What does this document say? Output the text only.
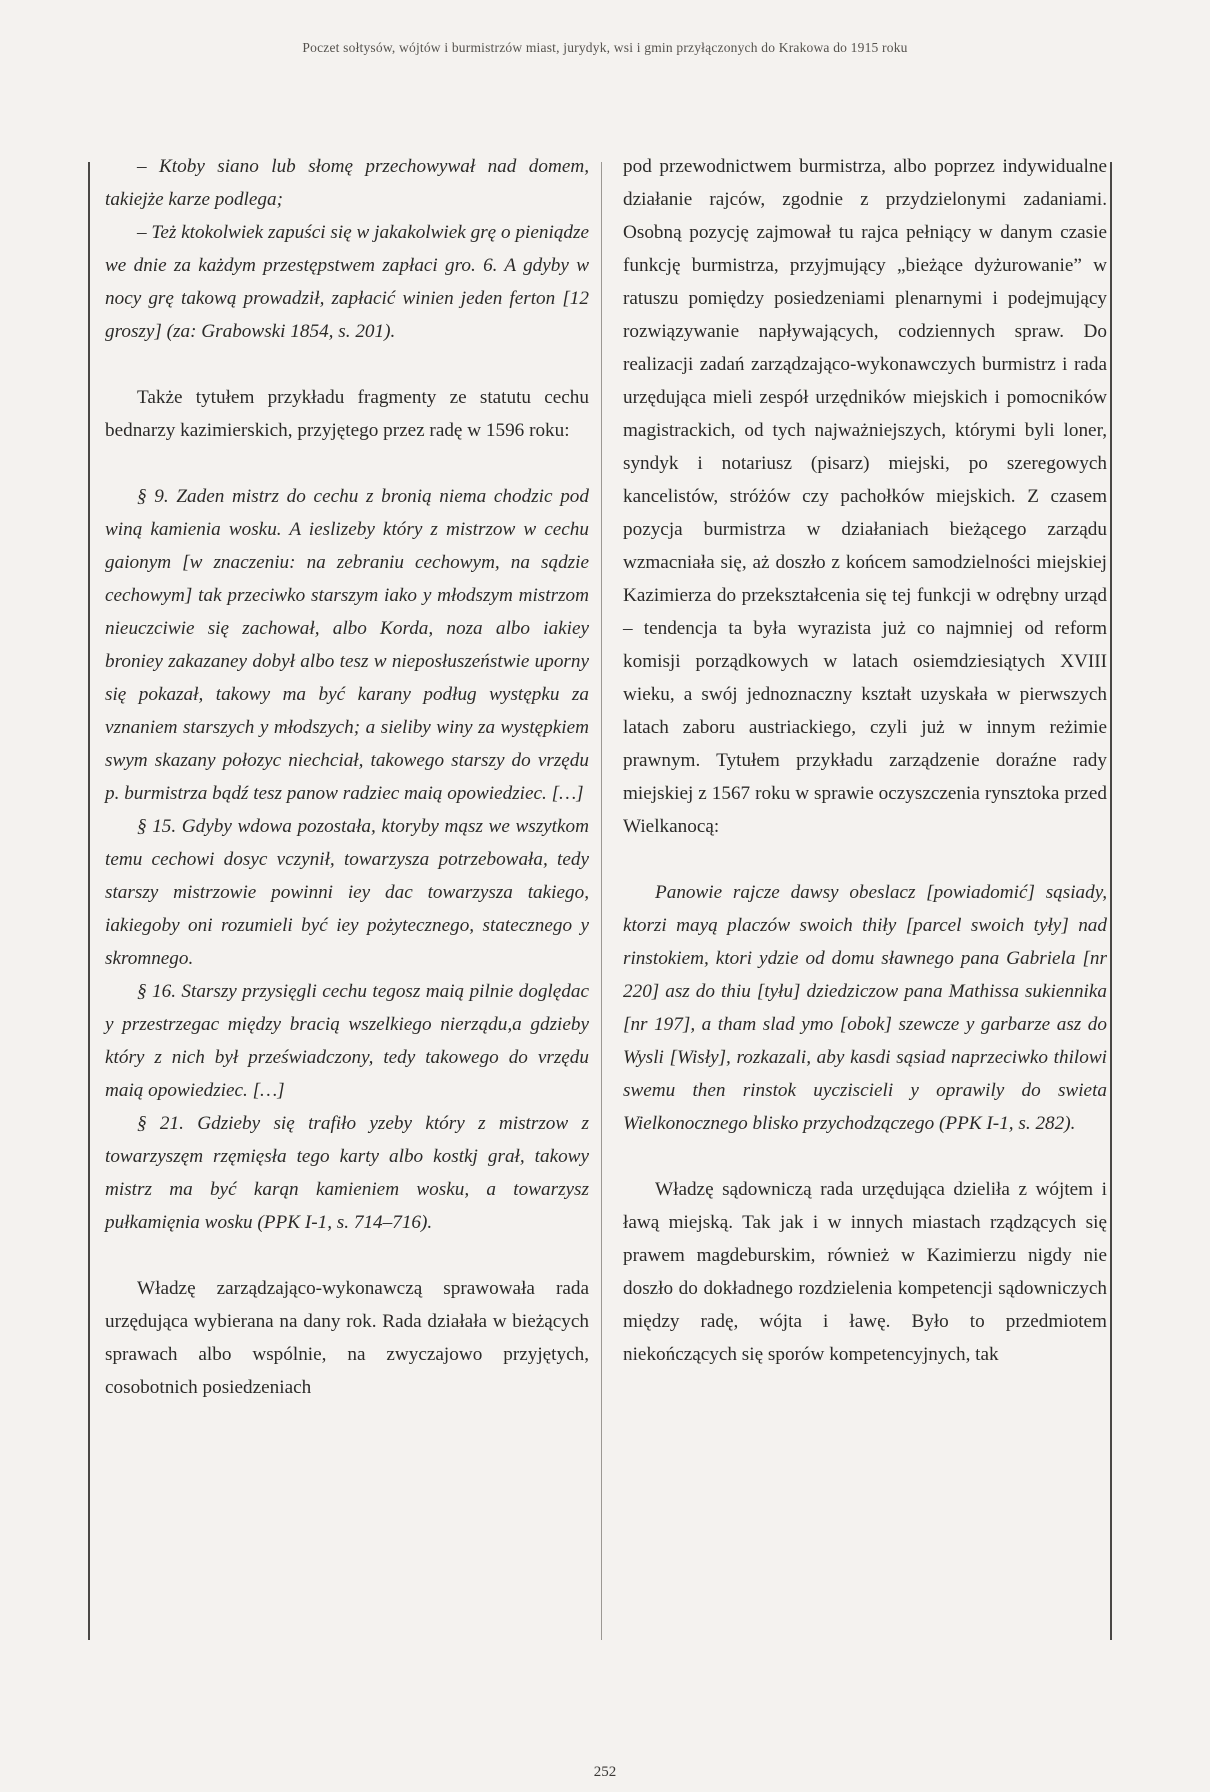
Poczet sołtysów, wójtów i burmistrzów miast, jurydyk, wsi i gmin przyłączonych do Krakowa do 1915 roku

– Ktoby siano lub słomę przechowywał nad domem, takiejże karze podlega;

– Też ktokolwiek zapuści się w jakakolwiek grę o pieniądze we dnie za każdym przestępstwem zapłaci gro. 6. A gdyby w nocy grę takową prowadził, zapłacić winien jeden ferton [12 groszy] (za: Grabowski 1854, s. 201).

Także tytułem przykładu fragmenty ze statutu cechu bednarzy kazimierskich, przyjętego przez radę w 1596 roku:

§ 9. Zaden mistrz do cechu z bronią niema chodzic pod winą kamienia wosku. A ieslizeby który z mistrzow w cechu gaionym [w znaczeniu: na zebraniu cechowym, na sądzie cechowym] tak przeciwko starszym iako y młodszym mistrzom nieuczciwie się zachował, albo Korda, noza albo iakiey broniey zakazaney dobył albo tesz w nieposłuszeństwie uporny się pokazał, takowy ma być karany podług występku za vznaniem starszych y młodszych; a sieliby winy za występkiem swym skazany połozyc niechciał, takowego starszy do vrzędu p. burmistrza bądź tesz panow radziec maią opowiedziec. […]

§ 15. Gdyby wdowa pozostała, ktoryby mąsz we wszytkom temu cechowi dosyc vczynił, towarzysza potrzebowała, tedy starszy mistrzowie powinni iey dac towarzysza takiego, iakiegoby oni rozumieli być iey pożytecznego, statecznego y skromnego.

§ 16. Starszy przysięgli cechu tegosz maią pilnie doględac y przestrzegac między bracią wszelkiego nierządu,a gdzieby który z nich był przeświadczony, tedy takowego do vrzędu maią opowiedziec. […]

§ 21. Gdzieby się trafiło yzeby który z mistrzow z towarzyszęm rzęmięsła tego karty albo kostkj grał, takowy mistrz ma być karąn kamieniem wosku, a towarzysz pułkamięnia wosku (PPK I-1, s. 714–716).

Władzę zarządzająco-wykonawczą sprawowała rada urzędująca wybierana na dany rok. Rada działała w bieżących sprawach albo wspólnie, na zwyczajowo przyjętych, cosobotnich posiedzeniach

pod przewodnictwem burmistrza, albo poprzez indywidualne działanie rajców, zgodnie z przydzielonymi zadaniami. Osobną pozycję zajmował tu rajca pełniący w danym czasie funkcję burmistrza, przyjmujący „bieżące dyżurowanie” w ratuszu pomiędzy posiedzeniami plenarnymi i podejmujący rozwiązywanie napływających, codziennych spraw. Do realizacji zadań zarządzająco-wykonawczych burmistrz i rada urzędująca mieli zespół urzędników miejskich i pomocników magistrackich, od tych najważniejszych, którymi byli loner, syndyk i notariusz (pisarz) miejski, po szeregowych kancelistów, stróżów czy pachołków miejskich. Z czasem pozycja burmistrza w działaniach bieżącego zarządu wzmacniała się, aż doszło z końcem samodzielności miejskiej Kazimierza do przekształcenia się tej funkcji w odrębny urząd – tendencja ta była wyrazista już co najmniej od reform komisji porządkowych w latach osiemdziesiątych XVIII wieku, a swój jednoznaczny kształt uzyskała w pierwszych latach zaboru austriackiego, czyli już w innym reżimie prawnym. Tytułem przykładu zarządzenie doraźne rady miejskiej z 1567 roku w sprawie oczyszczenia rynsztoka przed Wielkanocą:

Panowie rajcze dawsy obeslacz [powiadomić] sąsiady, ktorzi mayą placzów swoich thiły [parcel swoich tyły] nad rinstokiem, ktori ydzie od domu sławnego pana Gabriela [nr 220] asz do thiu [tyłu] dziedziczow pana Mathissa sukiennika [nr 197], a tham slad ymo [obok] szewcze y garbarze asz do Wysli [Wisły], rozkazali, aby kasdi sąsiad naprzeciwko thilowi swemu then rinstok uycziscieli y oprawily do swieta Wielkonocznego blisko przychodzączego (PPK I-1, s. 282).

Władzę sądowniczą rada urzędująca dzieliła z wójtem i ławą miejską. Tak jak i w innych miastach rządzących się prawem magdeburskim, również w Kazimierzu nigdy nie doszło do dokładnego rozdzielenia kompetencji sądowniczych między radę, wójta i ławę. Było to przedmiotem niekończących się sporów kompetencyjnych, tak

252
